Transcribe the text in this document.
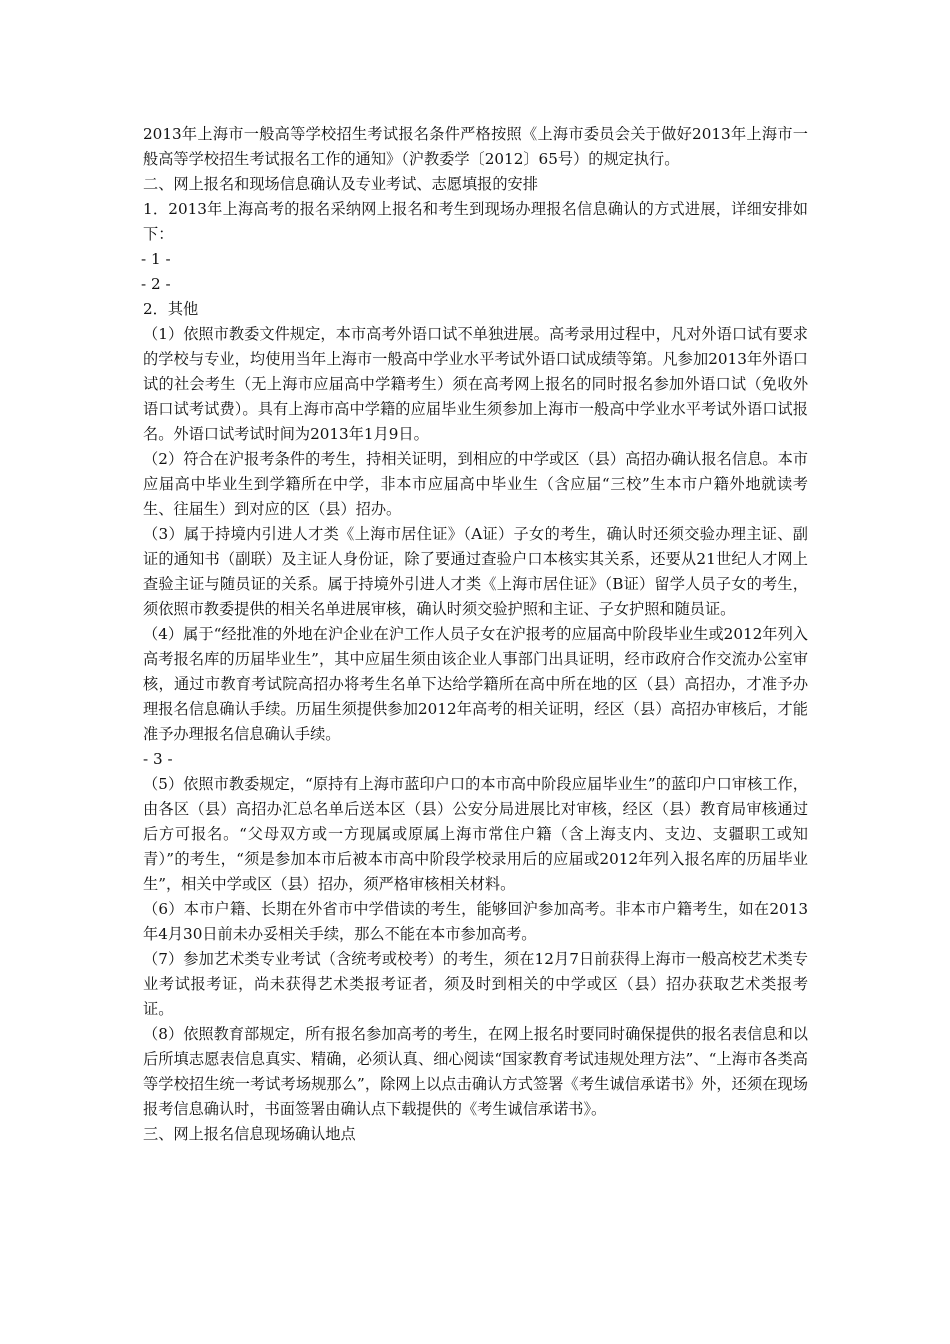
2013年上海市一般高等学校招生考试报名条件严格按照《上海市委员会关于做好2013年上海市一般高等学校招生考试报名工作的通知》（沪教委学〔2012〕65号）的规定执行。

二、网上报名和现场信息确认及专业考试、志愿填报的安排

1．2013年上海高考的报名采纳网上报名和考生到现场办理报名信息确认的方式进展，详细安排如下：

- 1 -

- 2 -

2．其他

（1）依照市教委文件规定，本市高考外语口试不单独进展。高考录用过程中，凡对外语口试有要求的学校与专业，均使用当年上海市一般高中学业水平考试外语口试成绩等第。凡参加2013年外语口试的社会考生（无上海市应届高中学籍考生）须在高考网上报名的同时报名参加外语口试（免收外语口试考试费）。具有上海市高中学籍的应届毕业生须参加上海市一般高中学业水平考试外语口试报名。外语口试考试时间为2013年1月9日。

（2）符合在沪报考条件的考生，持相关证明，到相应的中学或区（县）高招办确认报名信息。本市应届高中毕业生到学籍所在中学，非本市应届高中毕业生（含应届“三校”生本市户籍外地就读考生、往届生）到对应的区（县）招办。

（3）属于持境内引进人才类《上海市居住证》（A证）子女的考生，确认时还须交验办理主证、副证的通知书（副联）及主证人身份证，除了要通过查验户口本核实其关系，还要从21世纪人才网上查验主证与随员证的关系。属于持境外引进人才类《上海市居住证》（B证）留学人员子女的考生，须依照市教委提供的相关名单进展审核，确认时须交验护照和主证、子女护照和随员证。

（4）属于“经批准的外地在沪企业在沪工作人员子女在沪报考的应届高中阶段毕业生或2012年列入高考报名库的历届毕业生”，其中应届生须由该企业人事部门出具证明，经市政府合作交流办公室审核，通过市教育考试院高招办将考生名单下达给学籍所在高中所在地的区（县）高招办，才准予办理报名信息确认手续。历届生须提供参加2012年高考的相关证明，经区（县）高招办审核后，才能准予办理报名信息确认手续。

- 3 -

（5）依照市教委规定，“原持有上海市蓝印户口的本市高中阶段应届毕业生”的蓝印户口审核工作，由各区（县）高招办汇总名单后送本区（县）公安分局进展比对审核，经区（县）教育局审核通过后方可报名。“父母双方或一方现属或原属上海市常住户籍（含上海支内、支边、支疆职工或知青）”的考生，“须是参加本市后被本市高中阶段学校录用后的应届或2012年列入报名库的历届毕业生”，相关中学或区（县）招办，须严格审核相关材料。

（6）本市户籍、长期在外省市中学借读的考生，能够回沪参加高考。非本市户籍考生，如在2013年4月30日前未办妥相关手续，那么不能在本市参加高考。

（7）参加艺术类专业考试（含统考或校考）的考生，须在12月7日前获得上海市一般高校艺术类专业考试报考证，尚未获得艺术类报考证者，须及时到相关的中学或区（县）招办获取艺术类报考证。

（8）依照教育部规定，所有报名参加高考的考生，在网上报名时要同时确保提供的报名表信息和以后所填志愿表信息真实、精确，必须认真、细心阅读“国家教育考试违规处理方法”、“上海市各类高等学校招生统一考试考场规那么”，除网上以点击确认方式签署《考生诚信承诺书》外，还须在现场报考信息确认时，书面签署由确认点下载提供的《考生诚信承诺书》。

三、网上报名信息现场确认地点
